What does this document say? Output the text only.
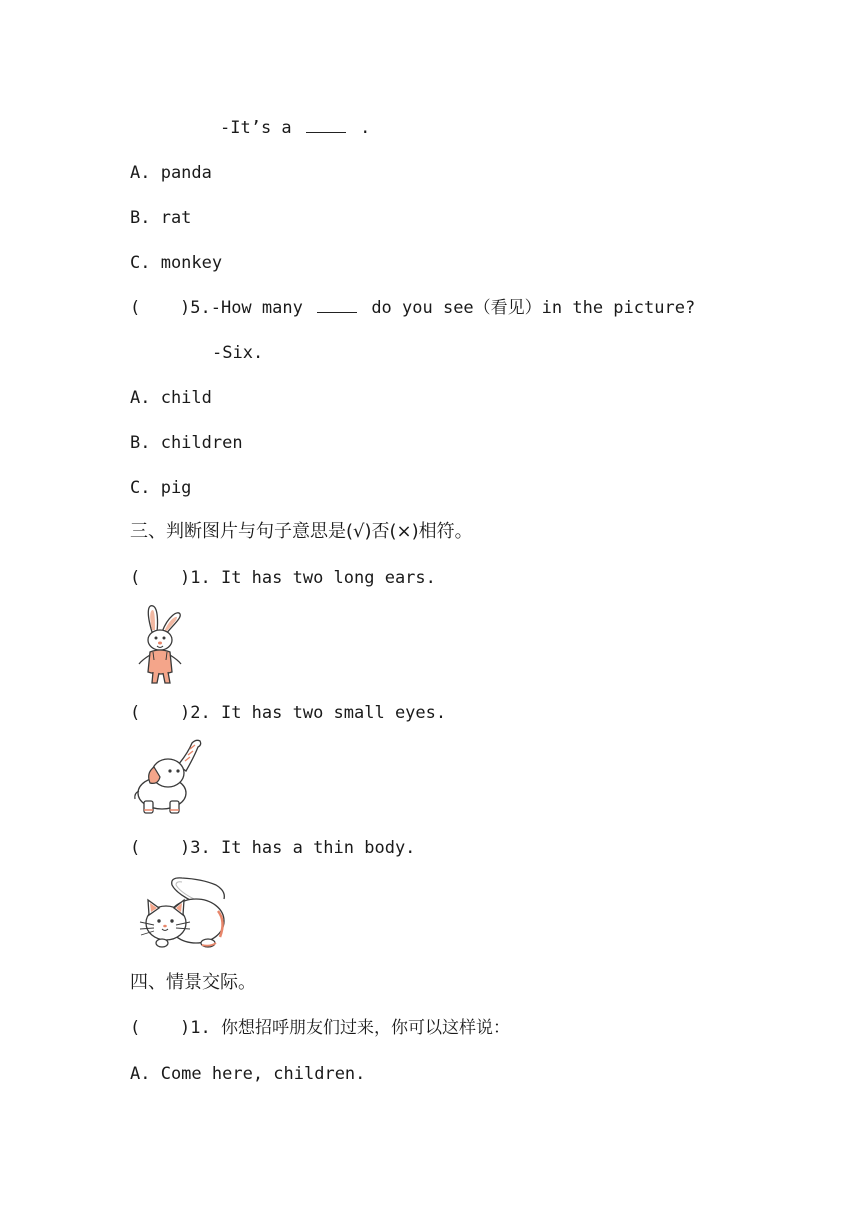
-It’s a	.
A. panda
B. rat
C. monkey
( )5.-How many	do you see（看见）in the picture?
-Six.
A. child
B. children
C. pig
三、判断图片与句子意思是(√)否(×)相符。
( )1. It has two long ears.
( )2. It has two small eyes.
( )3. It has a thin body.
四、情景交际。
( )1. 你想招呼朋友们过来，你可以这样说：
A. Come here, children.
